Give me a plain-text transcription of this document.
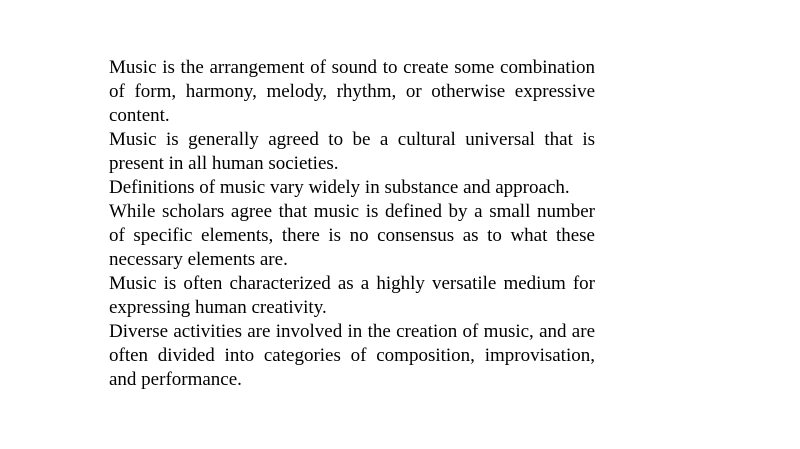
Music is the arrangement of sound to create some combination of form, harmony, melody, rhythm, or otherwise expressive content.

Music is generally agreed to be a cultural universal that is present in all human societies.

Definitions of music vary widely in substance and approach.

While scholars agree that music is defined by a small number of specific elements, there is no consensus as to what these necessary elements are.

Music is often characterized as a highly versatile medium for expressing human creativity.

Diverse activities are involved in the creation of music, and are often divided into categories of composition, improvisation, and performance.
